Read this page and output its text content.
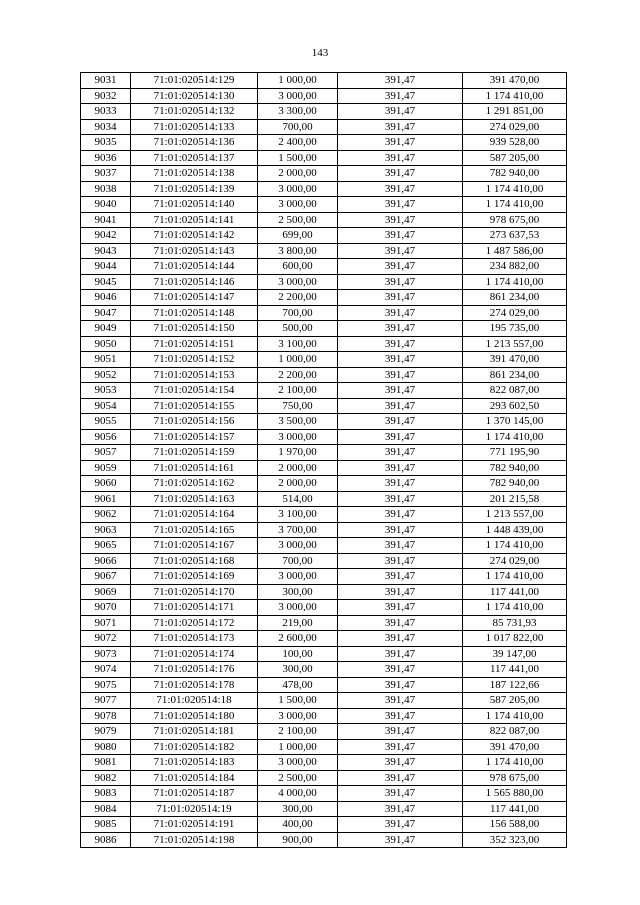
143
9031	71:01:020514:129	1 000,00	391,47	391 470,00
9032	71:01:020514:130	3 000,00	391,47	1 174 410,00
9033	71:01:020514:132	3 300,00	391,47	1 291 851,00
9034	71:01:020514:133	700,00	391,47	274 029,00
9035	71:01:020514:136	2 400,00	391,47	939 528,00
9036	71:01:020514:137	1 500,00	391,47	587 205,00
9037	71:01:020514:138	2 000,00	391,47	782 940,00
9038	71:01:020514:139	3 000,00	391,47	1 174 410,00
9040	71:01:020514:140	3 000,00	391,47	1 174 410,00
9041	71:01:020514:141	2 500,00	391,47	978 675,00
9042	71:01:020514:142	699,00	391,47	273 637,53
9043	71:01:020514:143	3 800,00	391,47	1 487 586,00
9044	71:01:020514:144	600,00	391,47	234 882,00
9045	71:01:020514:146	3 000,00	391,47	1 174 410,00
9046	71:01:020514:147	2 200,00	391,47	861 234,00
9047	71:01:020514:148	700,00	391,47	274 029,00
9049	71:01:020514:150	500,00	391,47	195 735,00
9050	71:01:020514:151	3 100,00	391,47	1 213 557,00
9051	71:01:020514:152	1 000,00	391,47	391 470,00
9052	71:01:020514:153	2 200,00	391,47	861 234,00
9053	71:01:020514:154	2 100,00	391,47	822 087,00
9054	71:01:020514:155	750,00	391,47	293 602,50
9055	71:01:020514:156	3 500,00	391,47	1 370 145,00
9056	71:01:020514:157	3 000,00	391,47	1 174 410,00
9057	71:01:020514:159	1 970,00	391,47	771 195,90
9059	71:01:020514:161	2 000,00	391,47	782 940,00
9060	71:01:020514:162	2 000,00	391,47	782 940,00
9061	71:01:020514:163	514,00	391,47	201 215,58
9062	71:01:020514:164	3 100,00	391,47	1 213 557,00
9063	71:01:020514:165	3 700,00	391,47	1 448 439,00
9065	71:01:020514:167	3 000,00	391,47	1 174 410,00
9066	71:01:020514:168	700,00	391,47	274 029,00
9067	71:01:020514:169	3 000,00	391,47	1 174 410,00
9069	71:01:020514:170	300,00	391,47	117 441,00
9070	71:01:020514:171	3 000,00	391,47	1 174 410,00
9071	71:01:020514:172	219,00	391,47	85 731,93
9072	71:01:020514:173	2 600,00	391,47	1 017 822,00
9073	71:01:020514:174	100,00	391,47	39 147,00
9074	71:01:020514:176	300,00	391,47	117 441,00
9075	71:01:020514:178	478,00	391,47	187 122,66
9077	71:01:020514:18	1 500,00	391,47	587 205,00
9078	71:01:020514:180	3 000,00	391,47	1 174 410,00
9079	71:01:020514:181	2 100,00	391,47	822 087,00
9080	71:01:020514:182	1 000,00	391,47	391 470,00
9081	71:01:020514:183	3 000,00	391,47	1 174 410,00
9082	71:01:020514:184	2 500,00	391,47	978 675,00
9083	71:01:020514:187	4 000,00	391,47	1 565 880,00
9084	71:01:020514:19	300,00	391,47	117 441,00
9085	71:01:020514:191	400,00	391,47	156 588,00
9086	71:01:020514:198	900,00	391,47	352 323,00
